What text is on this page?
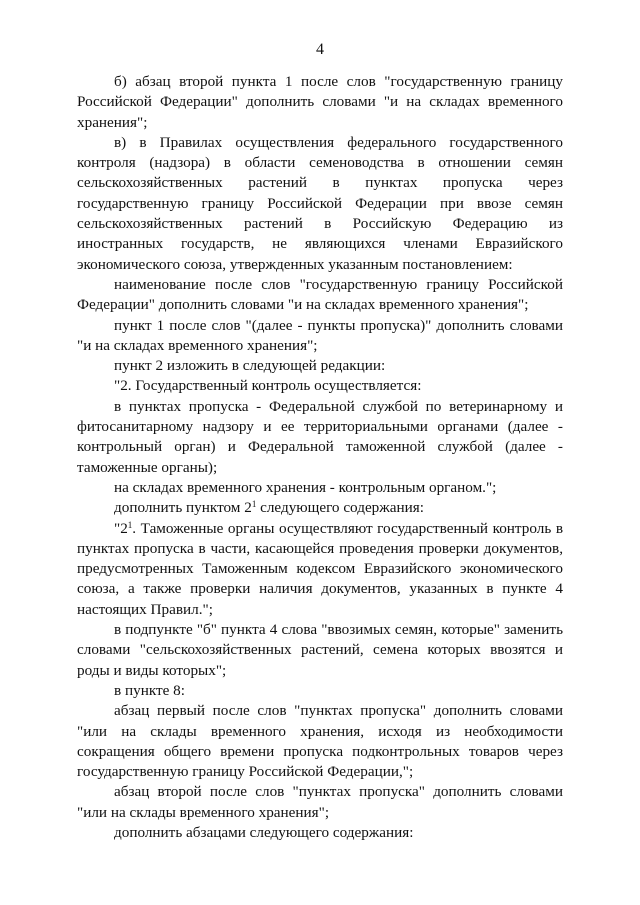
4

б) абзац второй пункта 1 после слов "государственную границу Российской Федерации" дополнить словами "и на складах временного хранения";

в) в Правилах осуществления федерального государственного контроля (надзора) в области семеноводства в отношении семян сельскохозяйственных растений в пунктах пропуска через государственную границу Российской Федерации при ввозе семян сельскохозяйственных растений в Российскую Федерацию из иностранных государств, не являющихся членами Евразийского экономического союза, утвержденных указанным постановлением:

наименование после слов "государственную границу Российской Федерации" дополнить словами "и на складах временного хранения";

пункт 1 после слов "(далее - пункты пропуска)" дополнить словами "и на складах временного хранения";

пункт 2 изложить в следующей редакции:

"2. Государственный контроль осуществляется:

в пунктах пропуска - Федеральной службой по ветеринарному и фитосанитарному надзору и ее территориальными органами (далее - контрольный орган) и Федеральной таможенной службой (далее - таможенные органы);

на складах временного хранения - контрольным органом.";

дополнить пунктом $2^1$ следующего содержания:

"$2^1$. Таможенные органы осуществляют государственный контроль в пунктах пропуска в части, касающейся проведения проверки документов, предусмотренных Таможенным кодексом Евразийского экономического союза, а также проверки наличия документов, указанных в пункте 4 настоящих Правил.";

в подпункте "б" пункта 4 слова "ввозимых семян, которые" заменить словами "сельскохозяйственных растений, семена которых ввозятся и роды и виды которых";

в пункте 8:

абзац первый после слов "пунктах пропуска" дополнить словами "или на склады временного хранения, исходя из необходимости сокращения общего времени пропуска подконтрольных товаров через государственную границу Российской Федерации,";

абзац второй после слов "пунктах пропуска" дополнить словами "или на склады временного хранения";

дополнить абзацами следующего содержания:
